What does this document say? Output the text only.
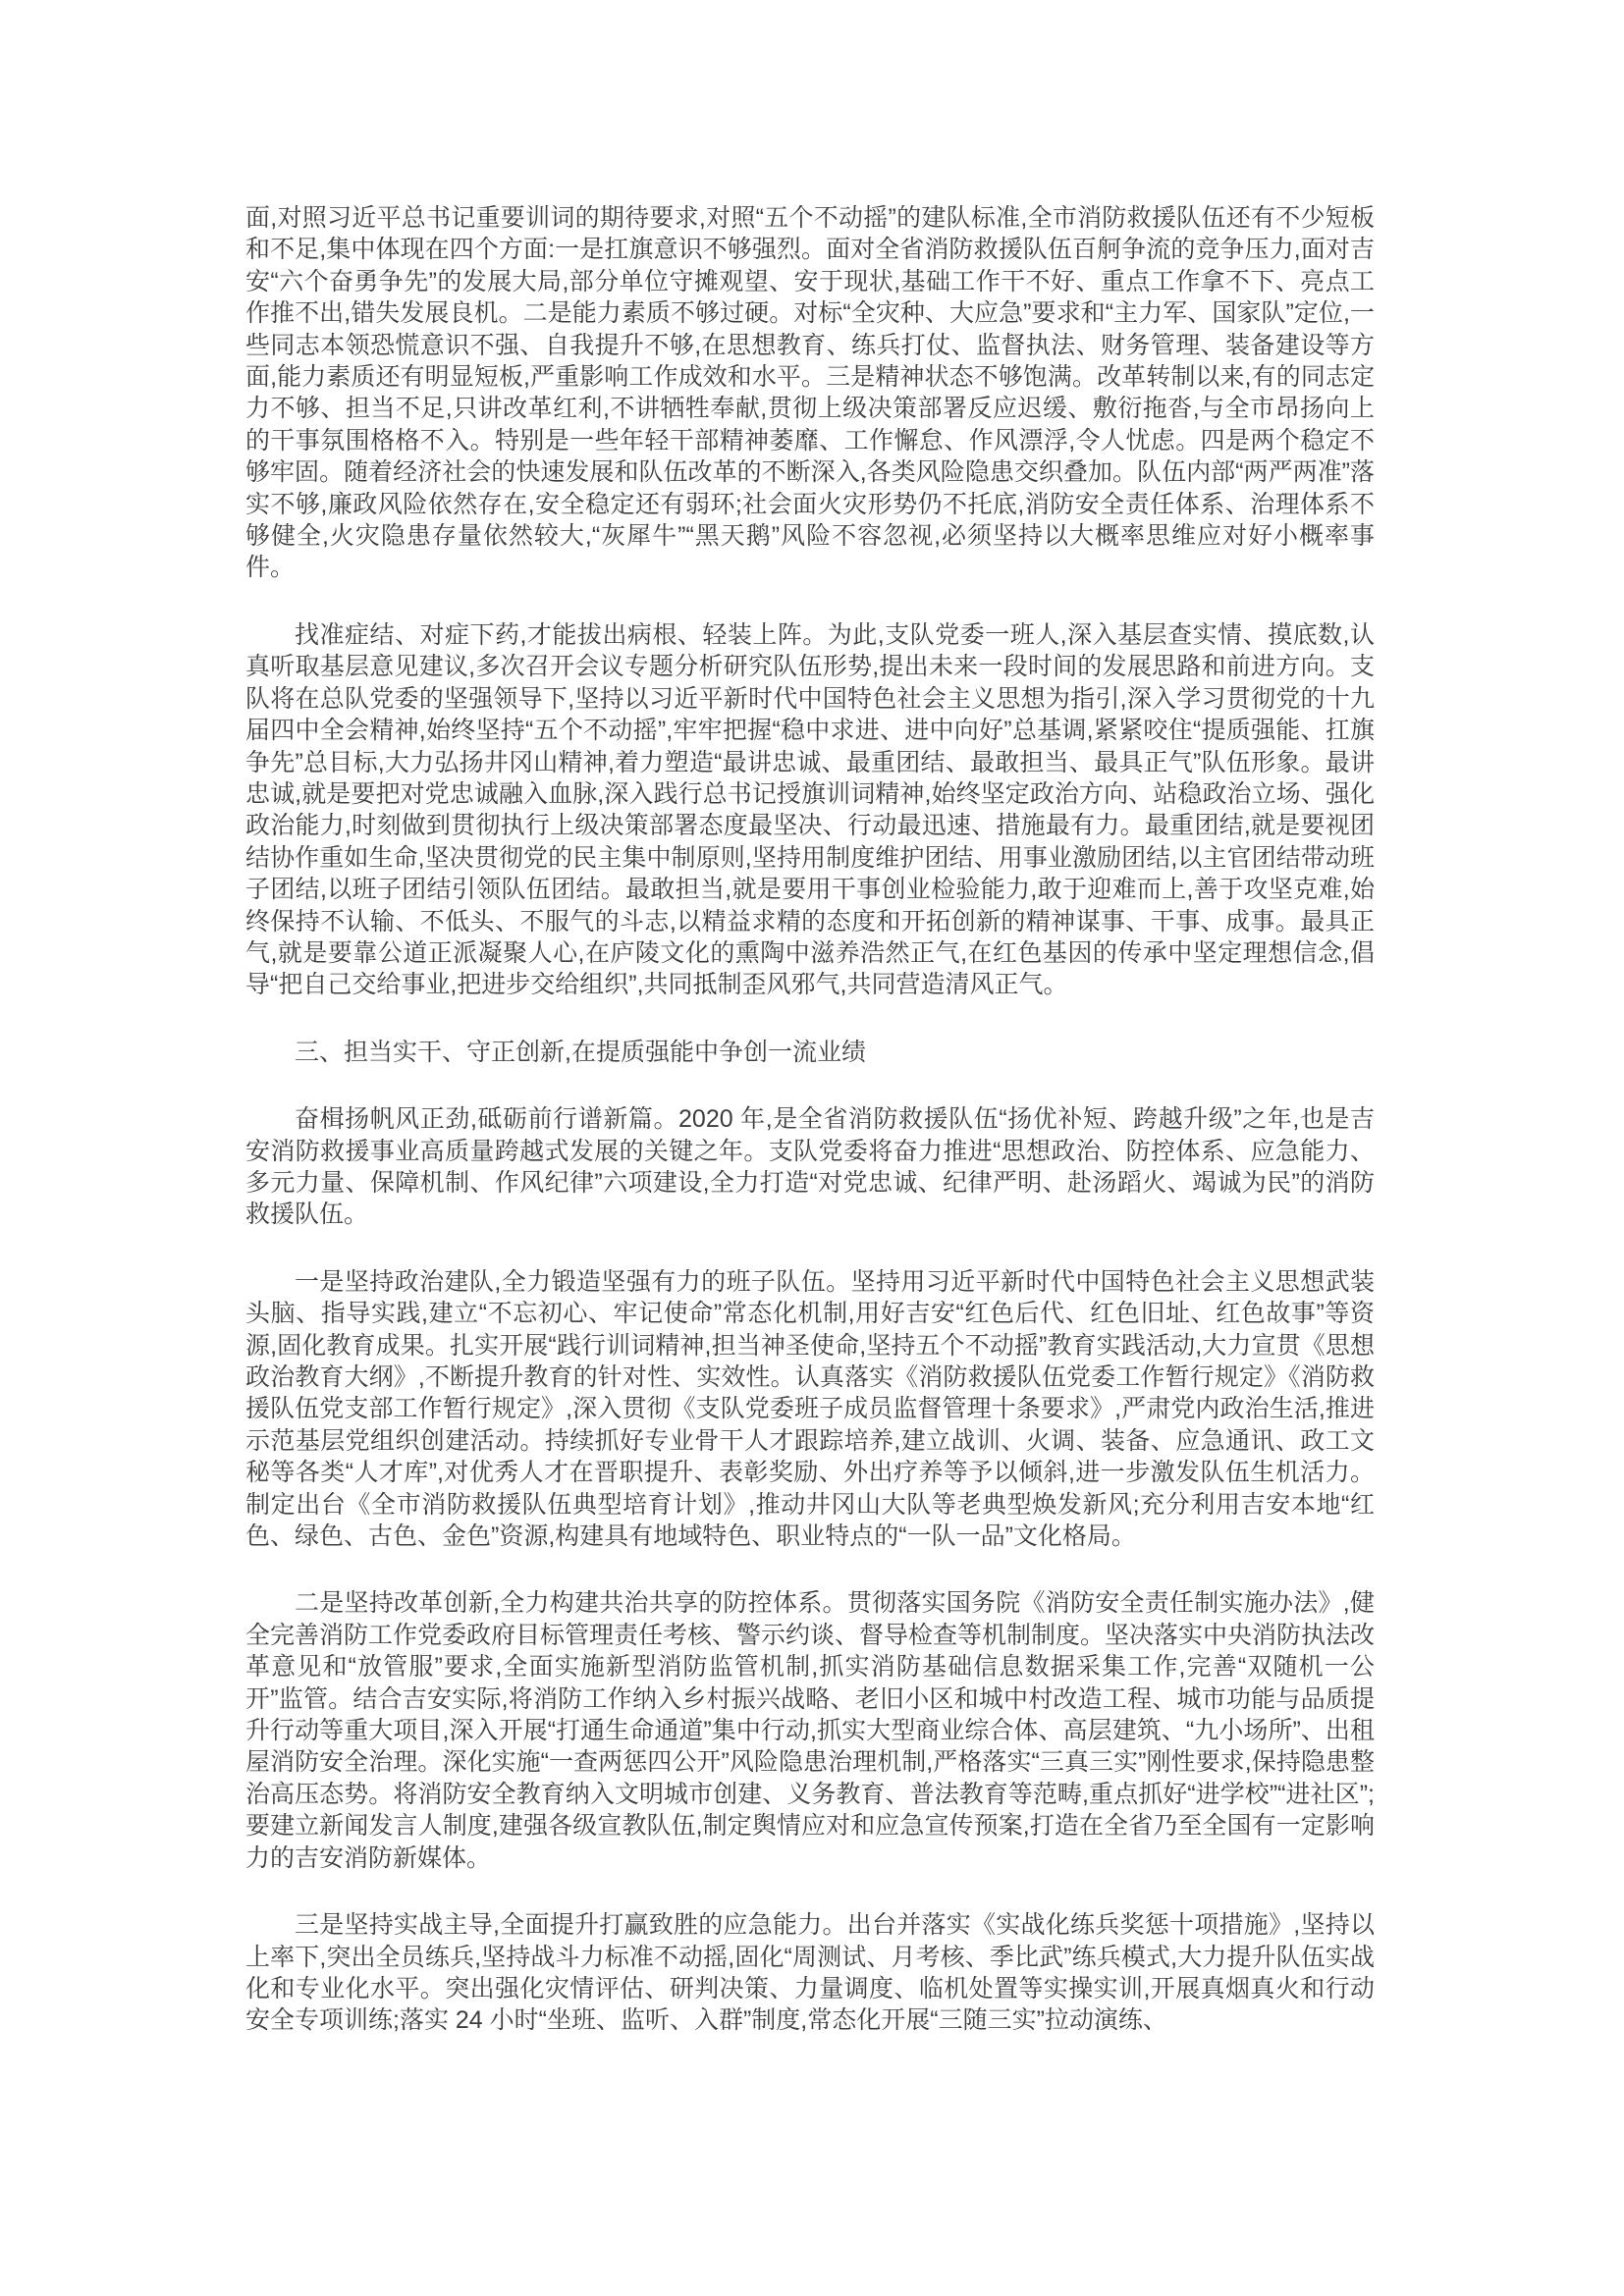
面,对照习近平总书记重要训词的期待要求,对照“五个不动摇”的建队标准,全市消防救援队伍还有不少短板和不足,集中体现在四个方面:一是扛旗意识不够强烈。面对全省消防救援队伍百舸争流的竞争压力,面对吉安“六个奋勇争先”的发展大局,部分单位守摊观望、安于现状,基础工作干不好、重点工作拿不下、亮点工作推不出,错失发展良机。二是能力素质不够过硬。对标“全灾种、大应急”要求和“主力军、国家队”定位,一些同志本领恐慌意识不强、自我提升不够,在思想教育、练兵打仗、监督执法、财务管理、装备建设等方面,能力素质还有明显短板,严重影响工作成效和水平。三是精神状态不够饱满。改革转制以来,有的同志定力不够、担当不足,只讲改革红利,不讲牺牲奉献,贯彻上级决策部署反应迟缓、敷衍拖沓,与全市昂扬向上的干事氛围格格不入。特别是一些年轻干部精神萎靡、工作懈怠、作风漂浮,令人忧虑。四是两个稳定不够牢固。随着经济社会的快速发展和队伍改革的不断深入,各类风险隐患交织叠加。队伍内部“两严两准”落实不够,廉政风险依然存在,安全稳定还有弱环;社会面火灾形势仍不托底,消防安全责任体系、治理体系不够健全,火灾隐患存量依然较大,“灰犀牛”“黑天鹅”风险不容忽视,必须坚持以大概率思维应对好小概率事件。

找准症结、对症下药,才能拔出病根、轻装上阵。为此,支队党委一班人,深入基层查实情、摸底数,认真听取基层意见建议,多次召开会议专题分析研究队伍形势,提出未来一段时间的发展思路和前进方向。支队将在总队党委的坚强领导下,坚持以习近平新时代中国特色社会主义思想为指引,深入学习贯彻党的十九届四中全会精神,始终坚持“五个不动摇”,牢牢把握“稳中求进、进中向好”总基调,紧紧咬住“提质强能、扛旗争先”总目标,大力弘扬井冈山精神,着力塑造“最讲忠诚、最重团结、最敢担当、最具正气”队伍形象。最讲忠诚,就是要把对党忠诚融入血脉,深入践行总书记授旗训词精神,始终坚定政治方向、站稳政治立场、强化政治能力,时刻做到贯彻执行上级决策部署态度最坚决、行动最迅速、措施最有力。最重团结,就是要视团结协作重如生命,坚决贯彻党的民主集中制原则,坚持用制度维护团结、用事业激励团结,以主官团结带动班子团结,以班子团结引领队伍团结。最敢担当,就是要用干事创业检验能力,敢于迎难而上,善于攻坚克难,始终保持不认输、不低头、不服气的斗志,以精益求精的态度和开拓创新的精神谋事、干事、成事。最具正气,就是要靠公道正派凝聚人心,在庐陵文化的熏陶中滋养浩然正气,在红色基因的传承中坚定理想信念,倡导“把自己交给事业,把进步交给组织”,共同抵制歪风邪气,共同营造清风正气。

三、担当实干、守正创新,在提质强能中争创一流业绩

奋楫扬帆风正劲,砥砺前行谱新篇。2020 年,是全省消防救援队伍“扬优补短、跨越升级”之年,也是吉安消防救援事业高质量跨越式发展的关键之年。支队党委将奋力推进“思想政治、防控体系、应急能力、多元力量、保障机制、作风纪律”六项建设,全力打造“对党忠诚、纪律严明、赴汤蹈火、竭诚为民”的消防救援队伍。

一是坚持政治建队,全力锻造坚强有力的班子队伍。坚持用习近平新时代中国特色社会主义思想武装头脑、指导实践,建立“不忘初心、牢记使命”常态化机制,用好吉安“红色后代、红色旧址、红色故事”等资源,固化教育成果。扎实开展“践行训词精神,担当神圣使命,坚持五个不动摇”教育实践活动,大力宣贯《思想政治教育大纲》,不断提升教育的针对性、实效性。认真落实《消防救援队伍党委工作暂行规定》《消防救援队伍党支部工作暂行规定》,深入贯彻《支队党委班子成员监督管理十条要求》,严肃党内政治生活,推进示范基层党组织创建活动。持续抓好专业骨干人才跟踪培养,建立战训、火调、装备、应急通讯、政工文秘等各类“人才库”,对优秀人才在晋职提升、表彰奖励、外出疗养等予以倾斜,进一步激发队伍生机活力。制定出台《全市消防救援队伍典型培育计划》,推动井冈山大队等老典型焕发新风;充分利用吉安本地“红色、绿色、古色、金色”资源,构建具有地域特色、职业特点的“一队一品”文化格局。

二是坚持改革创新,全力构建共治共享的防控体系。贯彻落实国务院《消防安全责任制实施办法》,健全完善消防工作党委政府目标管理责任考核、警示约谈、督导检查等机制制度。坚决落实中央消防执法改革意见和“放管服”要求,全面实施新型消防监管机制,抓实消防基础信息数据采集工作,完善“双随机一公开”监管。结合吉安实际,将消防工作纳入乡村振兴战略、老旧小区和城中村改造工程、城市功能与品质提升行动等重大项目,深入开展“打通生命通道”集中行动,抓实大型商业综合体、高层建筑、“九小场所”、出租屋消防安全治理。深化实施“一查两惩四公开”风险隐患治理机制,严格落实“三真三实”刚性要求,保持隐患整治高压态势。将消防安全教育纳入文明城市创建、义务教育、普法教育等范畴,重点抓好“进学校”“进社区”;要建立新闻发言人制度,建强各级宣教队伍,制定舆情应对和应急宣传预案,打造在全省乃至全国有一定影响力的吉安消防新媒体。

三是坚持实战主导,全面提升打赢致胜的应急能力。出台并落实《实战化练兵奖惩十项措施》,坚持以上率下,突出全员练兵,坚持战斗力标准不动摇,固化“周测试、月考核、季比武”练兵模式,大力提升队伍实战化和专业化水平。突出强化灾情评估、研判决策、力量调度、临机处置等实操实训,开展真烟真火和行动安全专项训练;落实 24 小时“坐班、监听、入群”制度,常态化开展“三随三实”拉动演练、
